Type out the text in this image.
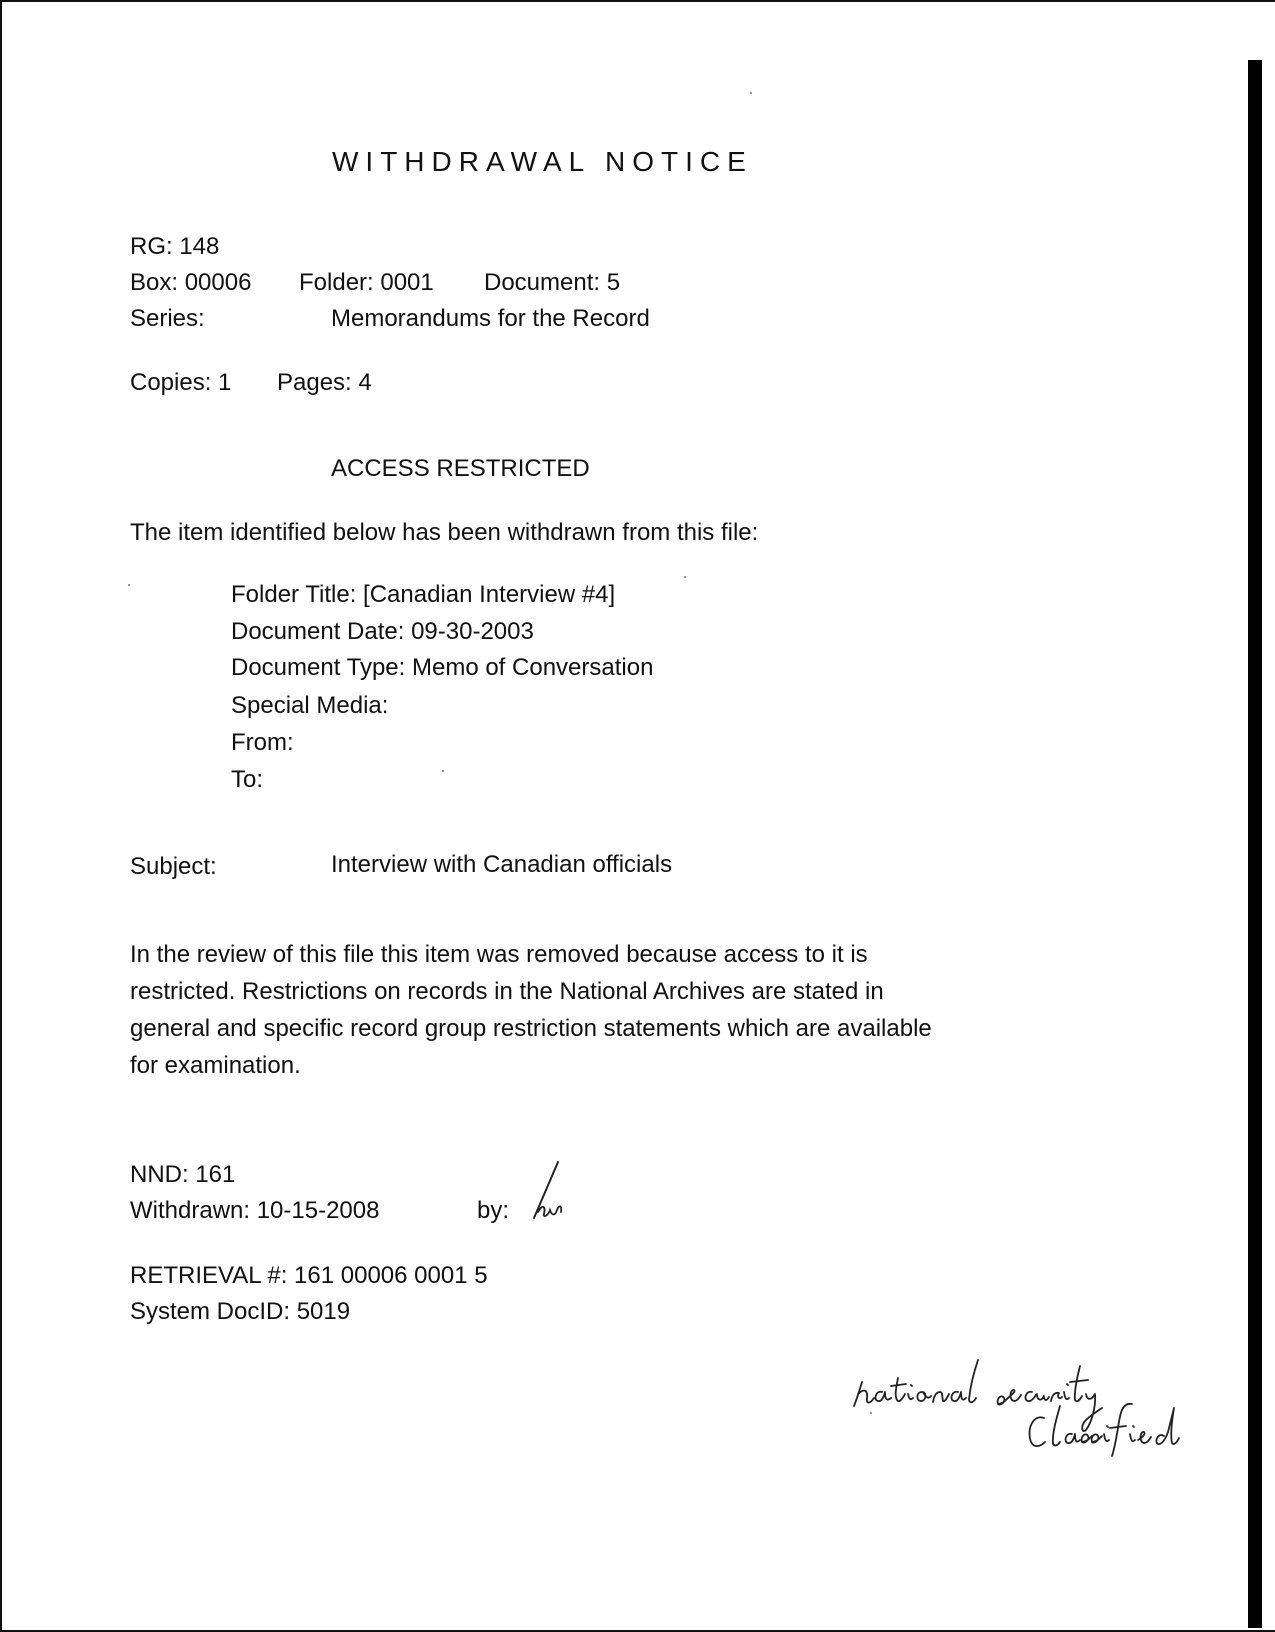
WITHDRAWAL NOTICE

RG: 148

Box: 00006 Folder: 0001 Document: 5

Series:	Memorandums for the Record

Copies: 1 Pages: 4

ACCESS RESTRICTED

The item identified below has been withdrawn from this file:

Folder Title: [Canadian Interview #4]

Document Date: 09-30-2003

Document Type: Memo of Conversation

Special Media:

From:

To:

Subject:	Interview with Canadian officials

In the review of this file this item was removed because access to it is
restricted. Restrictions on records in the National Archives are stated in
general and specific record group restriction statements which are available
for examination.

NND: 161

Withdrawn: 10-15-2008	by:

RETRIEVAL #: 161 00006 0001 5

System DocID: 5019
